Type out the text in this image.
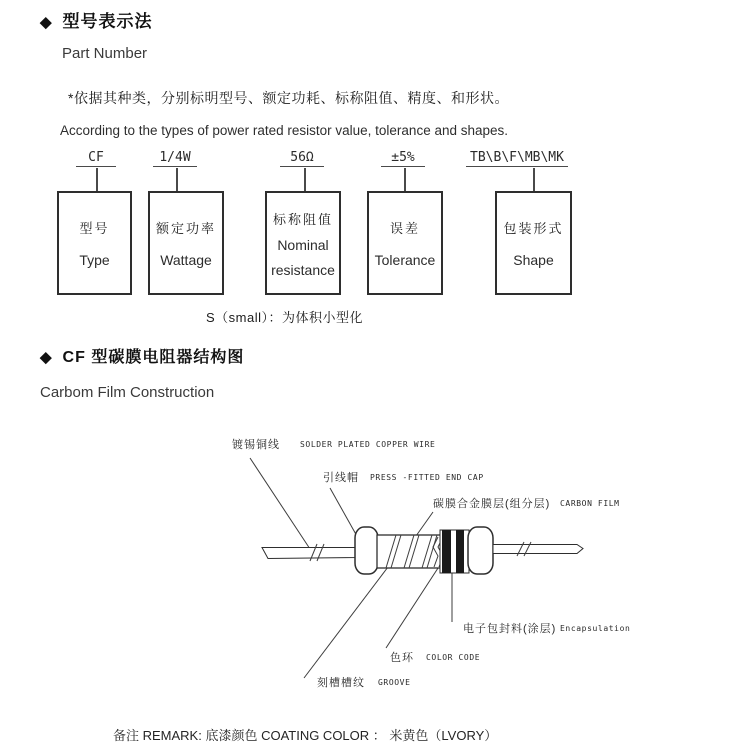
◆ 型号表示法
Part Number
*依据其种类，分别标明型号、额定功耗、标称阻值、精度、和形状。
According to the types of power rated resistor value, tolerance and shapes.
CF
型号
Type
1/4W
额定功率
Wattage
56Ω
标称阻值
Nominal
resistance
±5%
误差
Tolerance
TB\B\F\MB\MK
包装形式
Shape
S（small）：为体积小型化
◆ CF 型碳膜电阻器结构图
Carbom Film Construction
镀锡铜线	SOLDER PLATED COPPER WIRE
引线帽 PRESS -FITTED END CAP
碳膜合金膜层(组分层) CARBON FILM
电子包封料(涂层) Encapsulation
色环 COLOR CODE
刻槽槽纹 GROOVE
备注 REMARK: 底漆颜色 COATING COLOR ： 米黄色（LVORY）
